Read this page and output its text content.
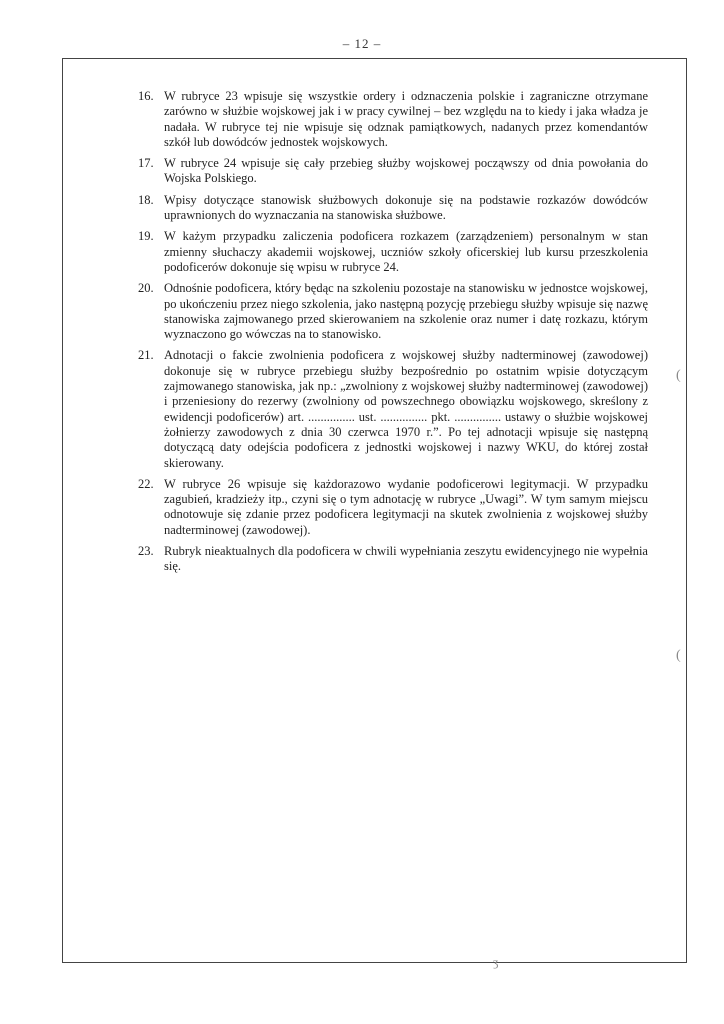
– 12 –
16. W rubryce 23 wpisuje się wszystkie ordery i odznaczenia polskie i zagraniczne otrzymane zarówno w służbie wojskowej jak i w pracy cywilnej – bez względu na to kiedy i jaka władza je nadała. W rubryce tej nie wpisuje się odznak pamiątkowych, nadanych przez komendantów szkół lub dowódców jednostek wojskowych.
17. W rubryce 24 wpisuje się cały przebieg służby wojskowej począwszy od dnia powołania do Wojska Polskiego.
18. Wpisy dotyczące stanowisk służbowych dokonuje się na podstawie rozkazów dowódców uprawnionych do wyznaczania na stanowiska służbowe.
19. W każym przypadku zaliczenia podoficera rozkazem (zarządzeniem) personalnym w stan zmienny słuchaczy akademii wojskowej, uczniów szkoły oficerskiej lub kursu przeszkolenia podoficerów dokonuje się wpisu w rubryce 24.
20. Odnośnie podoficera, który będąc na szkoleniu pozostaje na stanowisku w jednostce wojskowej, po ukończeniu przez niego szkolenia, jako następną pozycję przebiegu służby wpisuje się nazwę stanowiska zajmowanego przed skierowaniem na szkolenie oraz numer i datę rozkazu, którym wyznaczono go wówczas na to stanowisko.
21. Adnotacji o fakcie zwolnienia podoficera z wojskowej służby nadterminowej (zawodowej) dokonuje się w rubryce przebiegu służby bezpośrednio po ostatnim wpisie dotyczącym zajmowanego stanowiska, jak np.: „zwolniony z wojskowej służby nadterminowej (zawodowej) i przeniesiony do rezerwy (zwolniony od powszechnego obowiązku wojskowego, skreślony z ewidencji podoficerów) art. ............... ust. ............... pkt. ............... ustawy o służbie wojskowej żołnierzy zawodowych z dnia 30 czerwca 1970 r.”. Po tej adnotacji wpisuje się następną dotyczącą daty odejścia podoficera z jednostki wojskowej i nazwy WKU, do której został skierowany.
22. W rubryce 26 wpisuje się każdorazowo wydanie podoficerowi legitymacji. W przypadku zagubień, kradzieży itp., czyni się o tym adnotację w rubryce „Uwagi”. W tym samym miejscu odnotowuje się zdanie przez podoficera legitymacji na skutek zwolnienia z wojskowej służby nadterminowej (zawodowej).
23. Rubryk nieaktualnych dla podoficera w chwili wypełniania zeszytu ewidencyjnego nie wypełnia się.
(
(
ʒ
